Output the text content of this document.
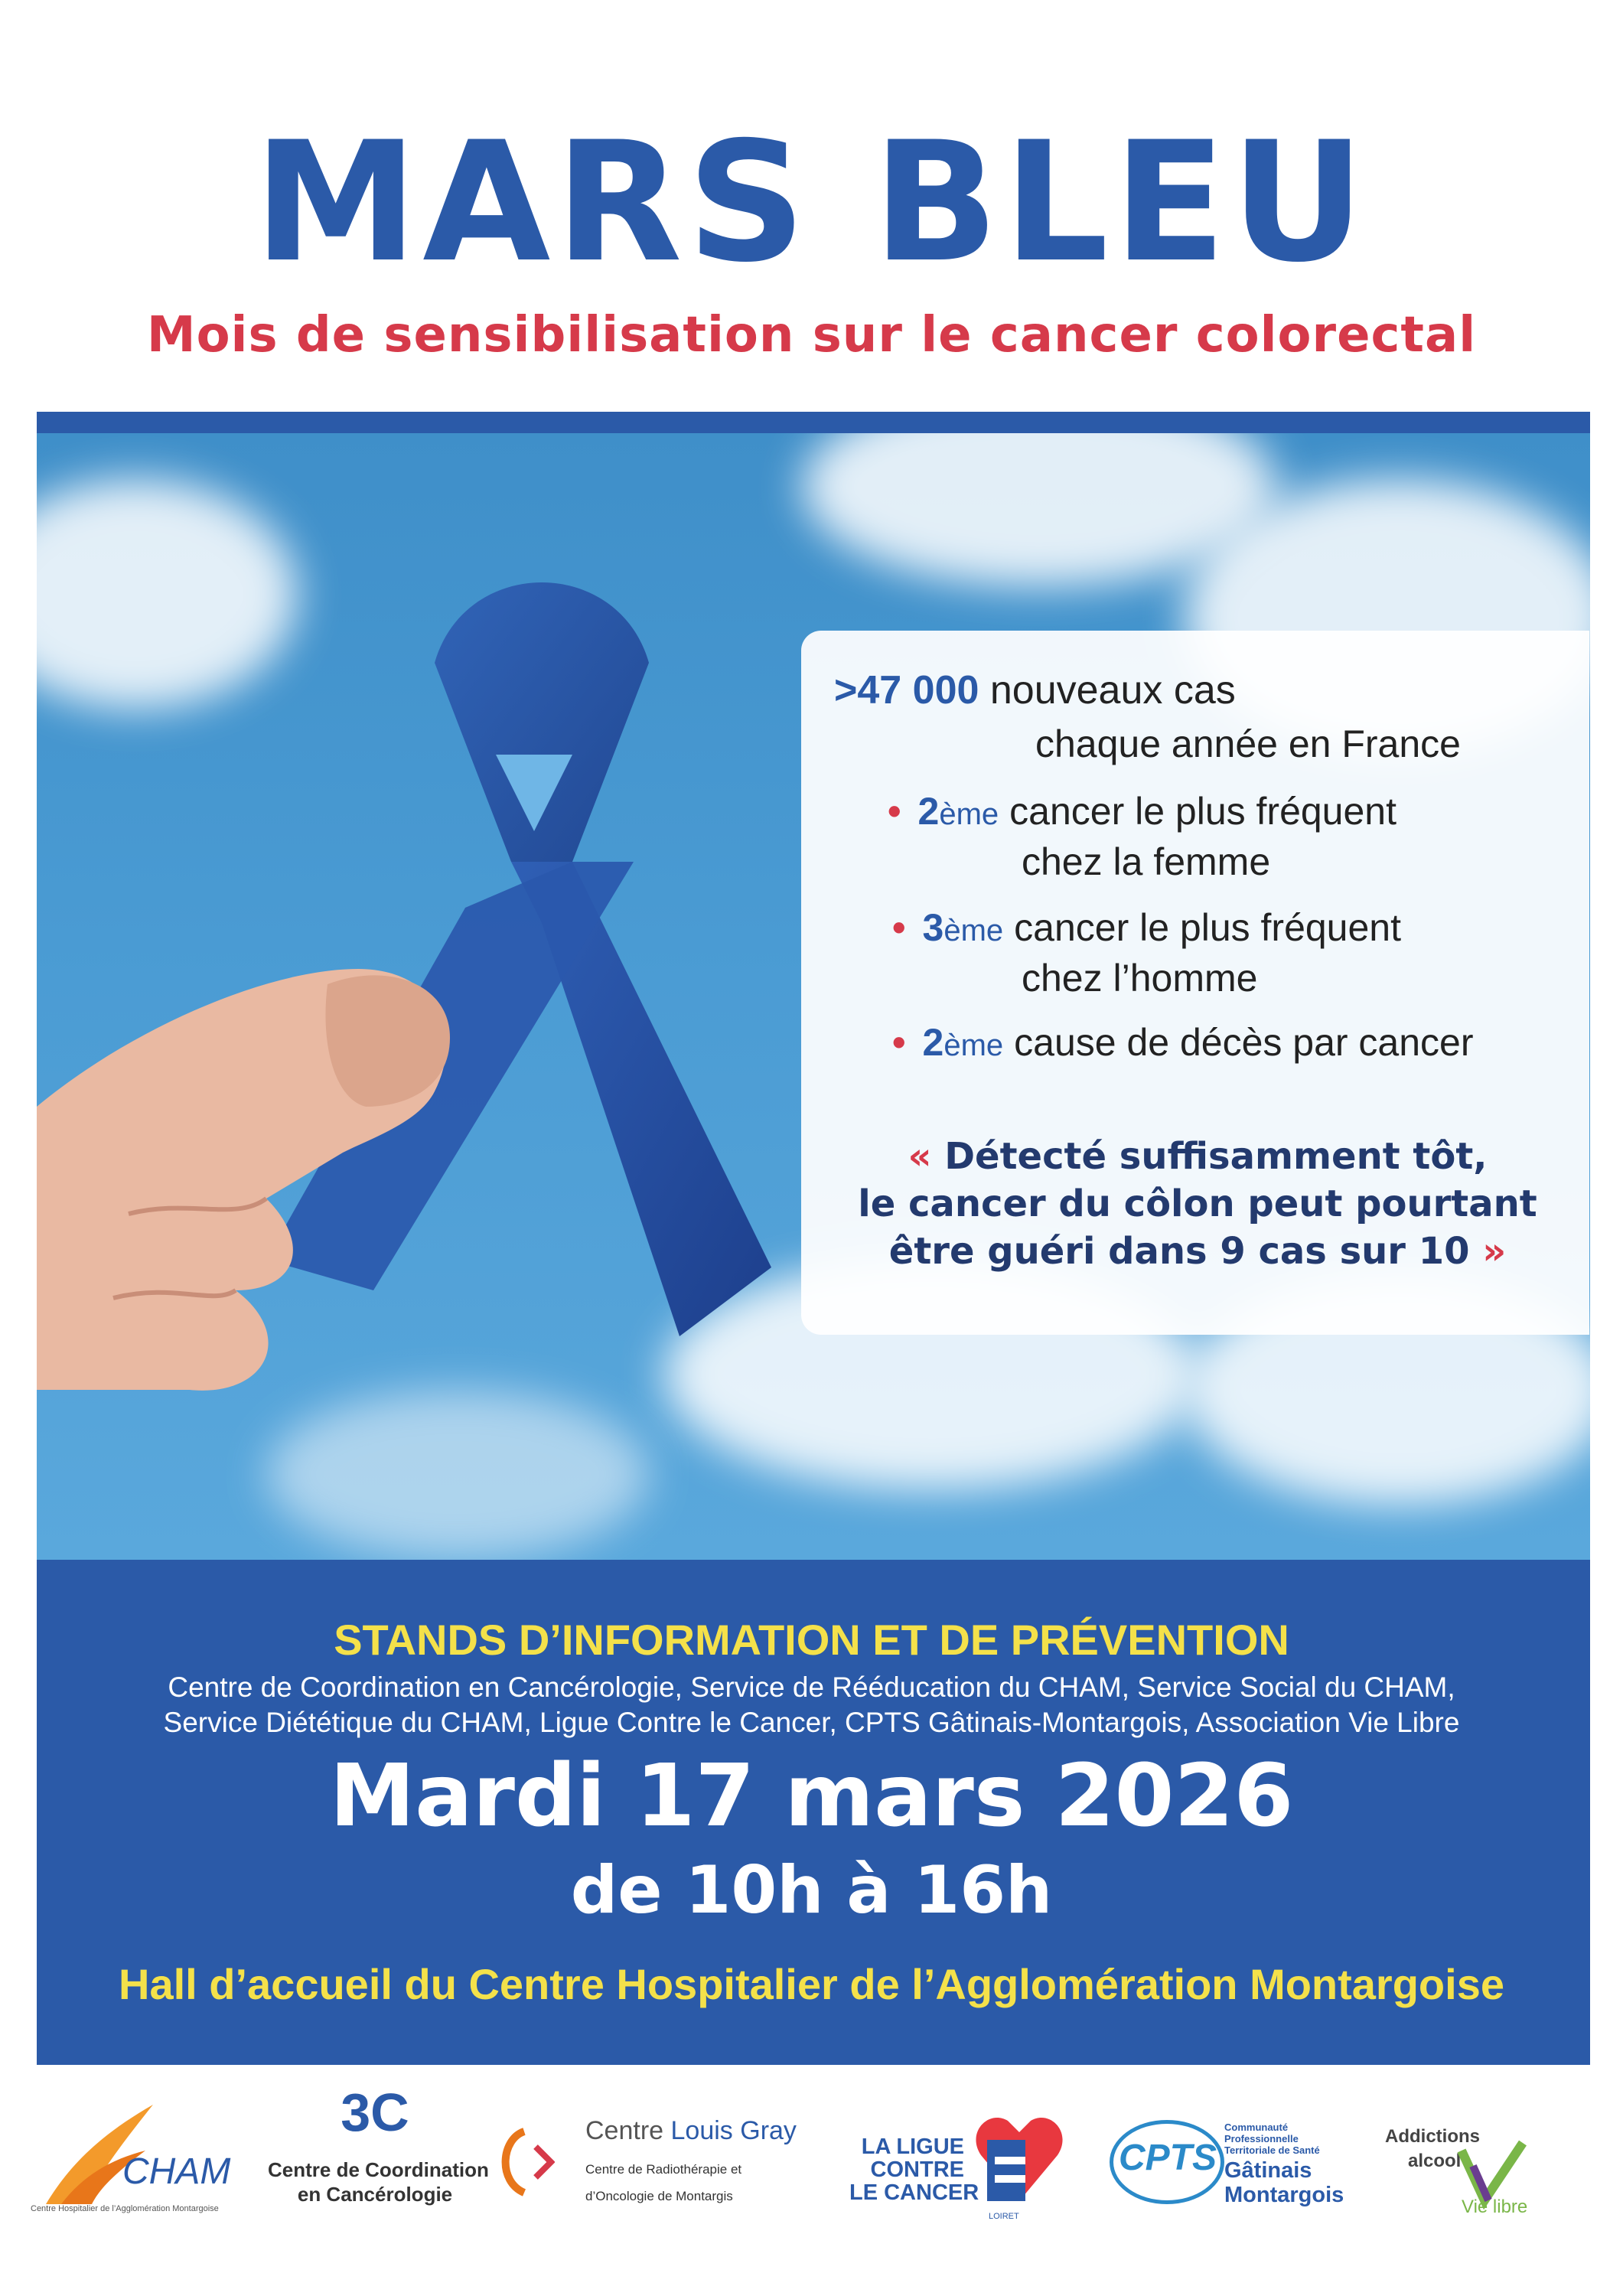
MARS BLEU
Mois de sensibilisation sur le cancer colorectal
>47 000 nouveaux cas
chaque année en France
• 2ème cancer le plus fréquent
chez la femme
• 3ème cancer le plus fréquent
chez l’homme
• 2ème cause de décès par cancer
« Détecté suffisamment tôt,
le cancer du côlon peut pourtant
être guéri dans 9 cas sur 10 »
STANDS D’INFORMATION ET DE PRÉVENTION
Centre de Coordination en Cancérologie, Service de Rééducation du CHAM, Service Social du CHAM,
Service Diététique du CHAM, Ligue Contre le Cancer, CPTS Gâtinais-Montargois, Association Vie Libre
Mardi 17 mars 2026
de 10h à 16h
Hall d’accueil du Centre Hospitalier de l’Agglomération Montargoise
CHAM
Centre Hospitalier de l’Agglomération Montargoise
3C
Centre de Coordination
en Cancérologie
Centre Louis Gray
Centre de Radiothérapie et
d’Oncologie de Montargis
LA LIGUE
CONTRE
LE CANCER
LOIRET
CPTS
Communauté
Professionnelle
Territoriale de Santé
Gâtinais
Montargois
Addictions
alcool
Vie libre
